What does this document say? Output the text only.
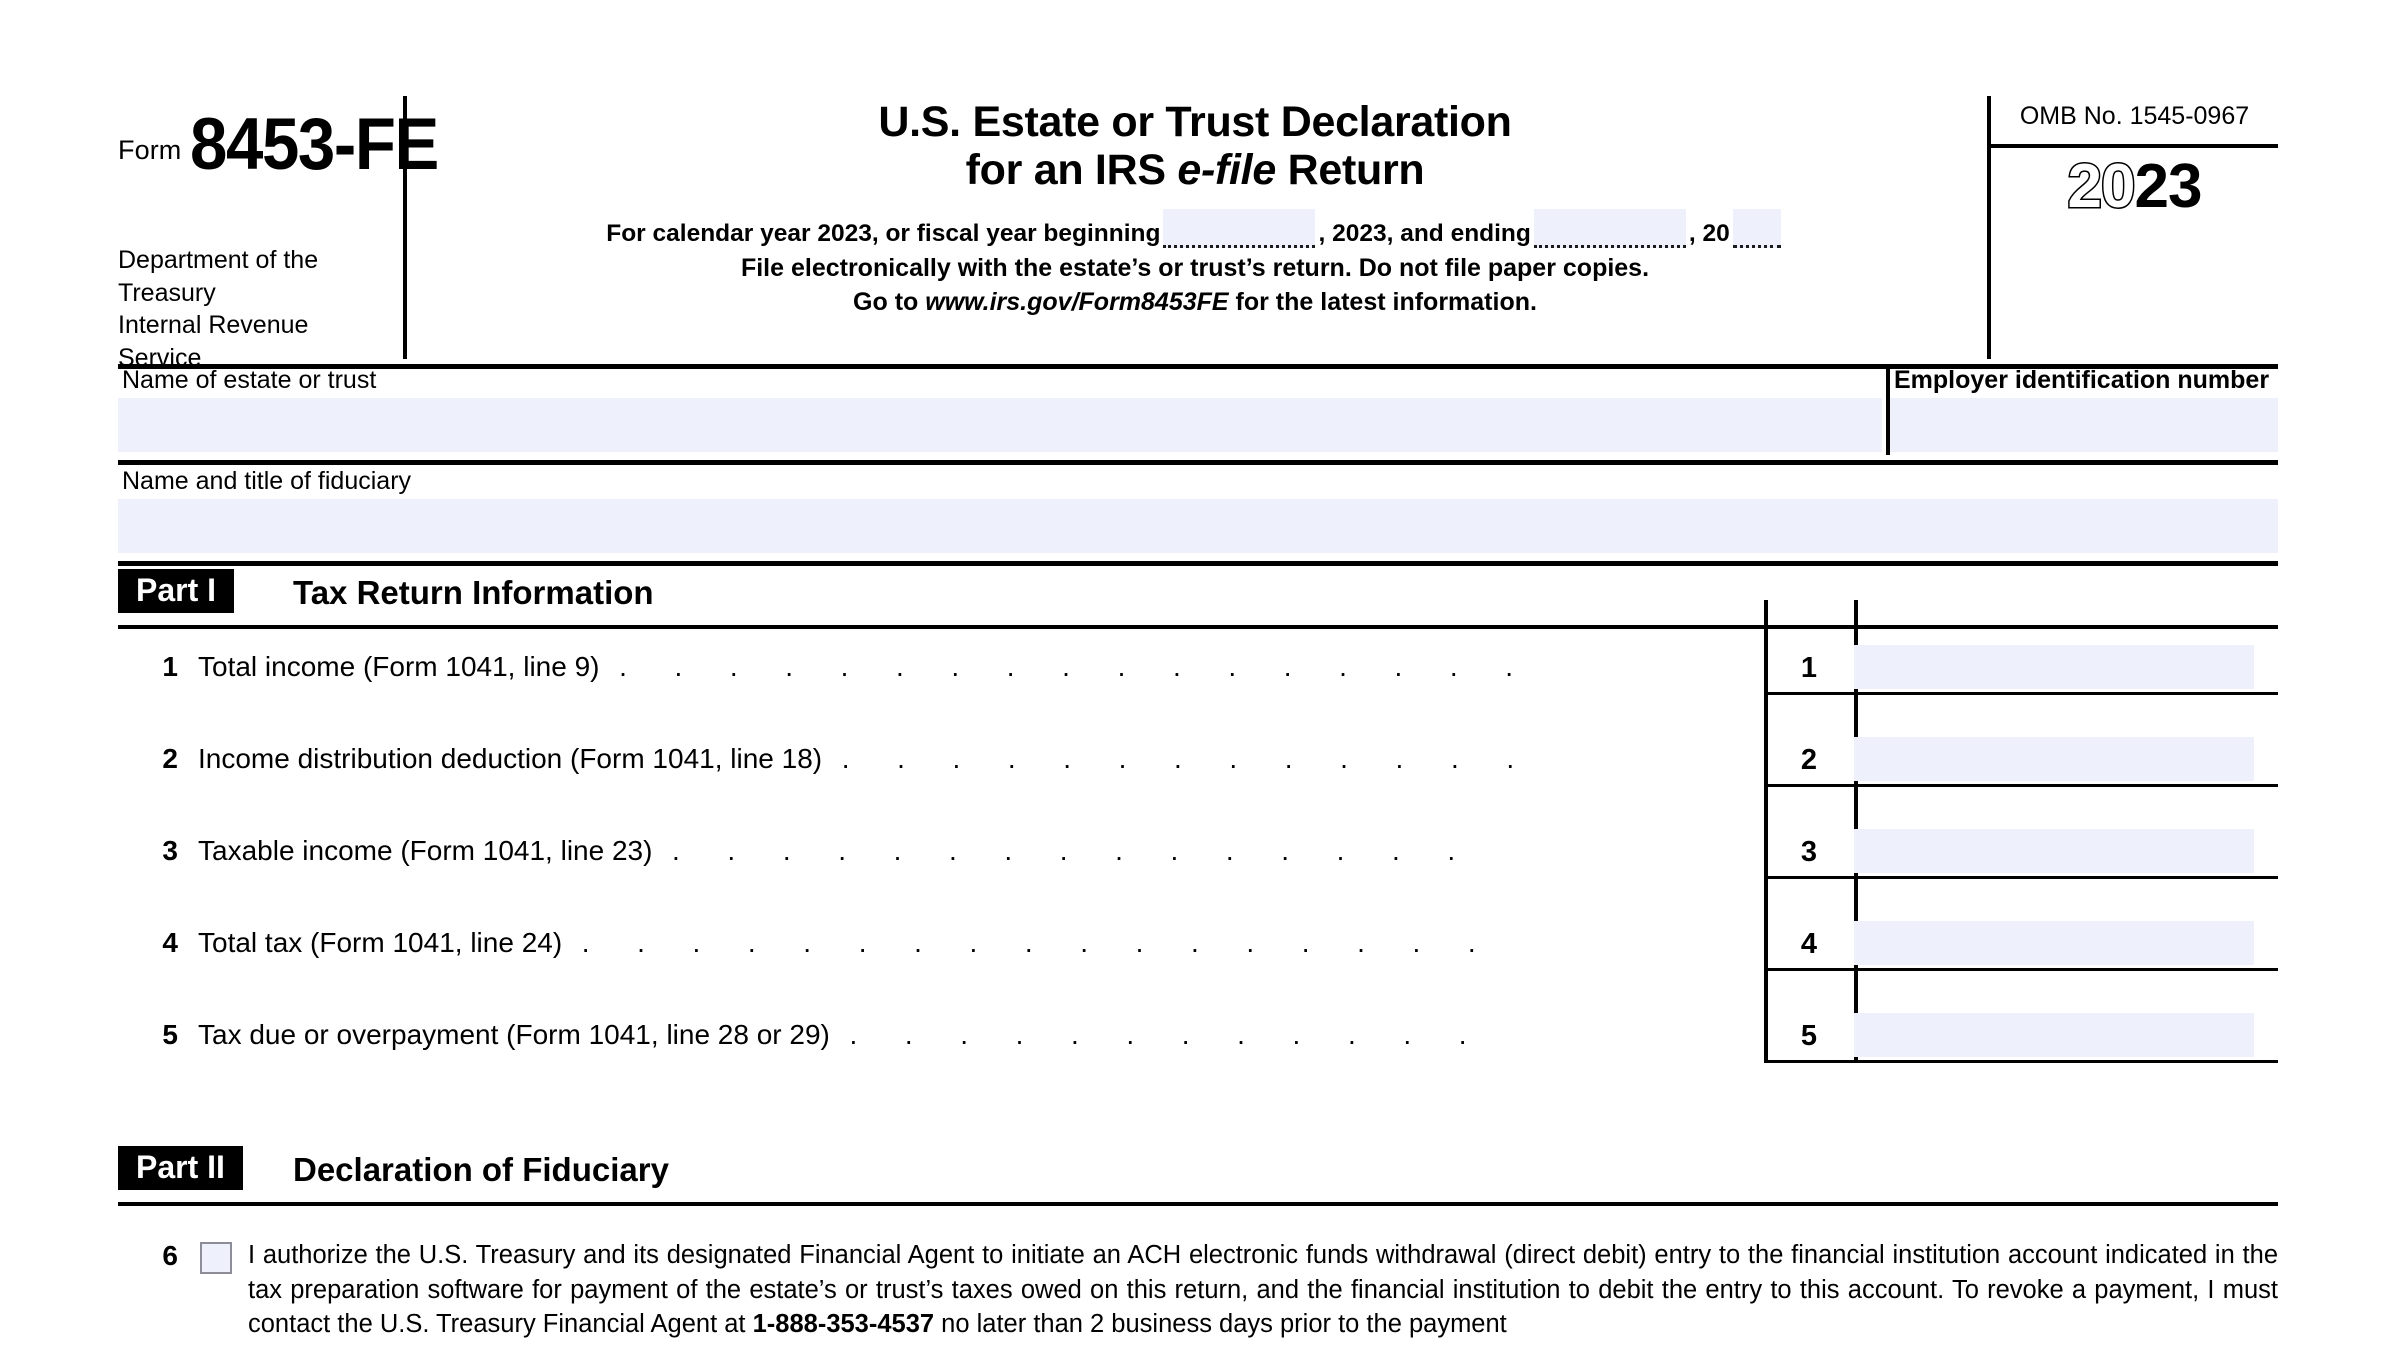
Form 8453-FE
Department of the Treasury
Internal Revenue Service
U.S. Estate or Trust Declaration
for an IRS e-file Return
For calendar year 2023, or fiscal year beginning	, 2023, and ending	, 20
File electronically with the estate’s or trust’s return. Do not file paper copies.
Go to www.irs.gov/Form8453FE for the latest information.
OMB No. 1545-0967
2023
Name of estate or trust	Employer identification number
Name and title of fiduciary
Part I	Tax Return Information
1 Total income (Form 1041, line 9)  .    .    .    .    .    .    .    .    .    .    .    .    .    .    .    .    .   	1
2 Income distribution deduction (Form 1041, line 18)  .    .    .    .    .    .    .    .    .    .    .    .    .   	2
3 Taxable income (Form 1041, line 23)  .    .    .    .    .    .    .    .    .    .    .    .    .    .    .   	3
4 Total tax (Form 1041, line 24)  .    .    .    .    .    .    .    .    .    .    .    .    .    .    .    .    .   	4
5 Tax due or overpayment (Form 1041, line 28 or 29)  .    .    .    .    .    .    .    .    .    .    .    .   	5
Part II	Declaration of Fiduciary
6	I authorize the U.S. Treasury and its designated Financial Agent to initiate an ACH electronic funds withdrawal (direct debit) entry to the financial institution account indicated in the tax preparation software for payment of the estate’s or trust’s taxes owed on this return, and the financial institution to debit the entry to this account. To revoke a payment, I must contact the U.S. Treasury Financial Agent at 1-888-353-4537 no later than 2 business days prior to the payment
